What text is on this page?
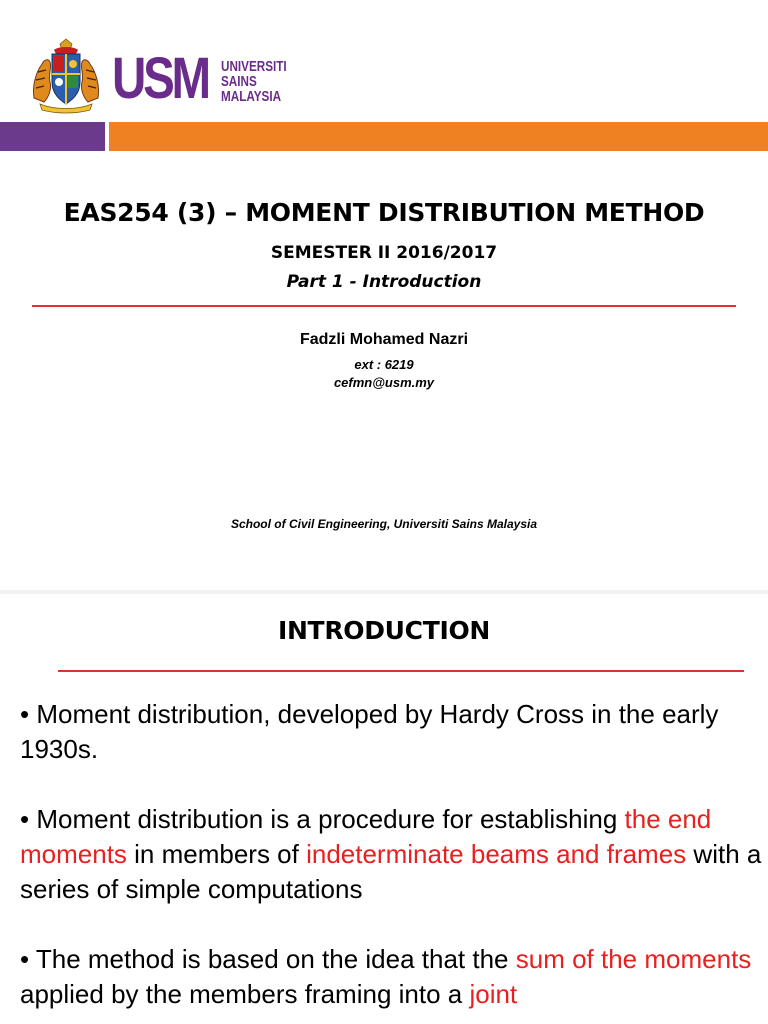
USM UNIVERSITI
SAINS
MALAYSIA
EAS254 (3) – MOMENT DISTRIBUTION METHOD
SEMESTER II 2016/2017
Part 1 - Introduction
Fadzli Mohamed Nazri
ext : 6219
cefmn@usm.my
School of Civil Engineering, Universiti Sains Malaysia
INTRODUCTION
• Moment distribution, developed by Hardy Cross in the early 1930s.
• Moment distribution is a procedure for establishing the end moments in members of indeterminate beams and frames with a series of simple computations
• The method is based on the idea that the sum of the moments applied by the members framing into a joint
